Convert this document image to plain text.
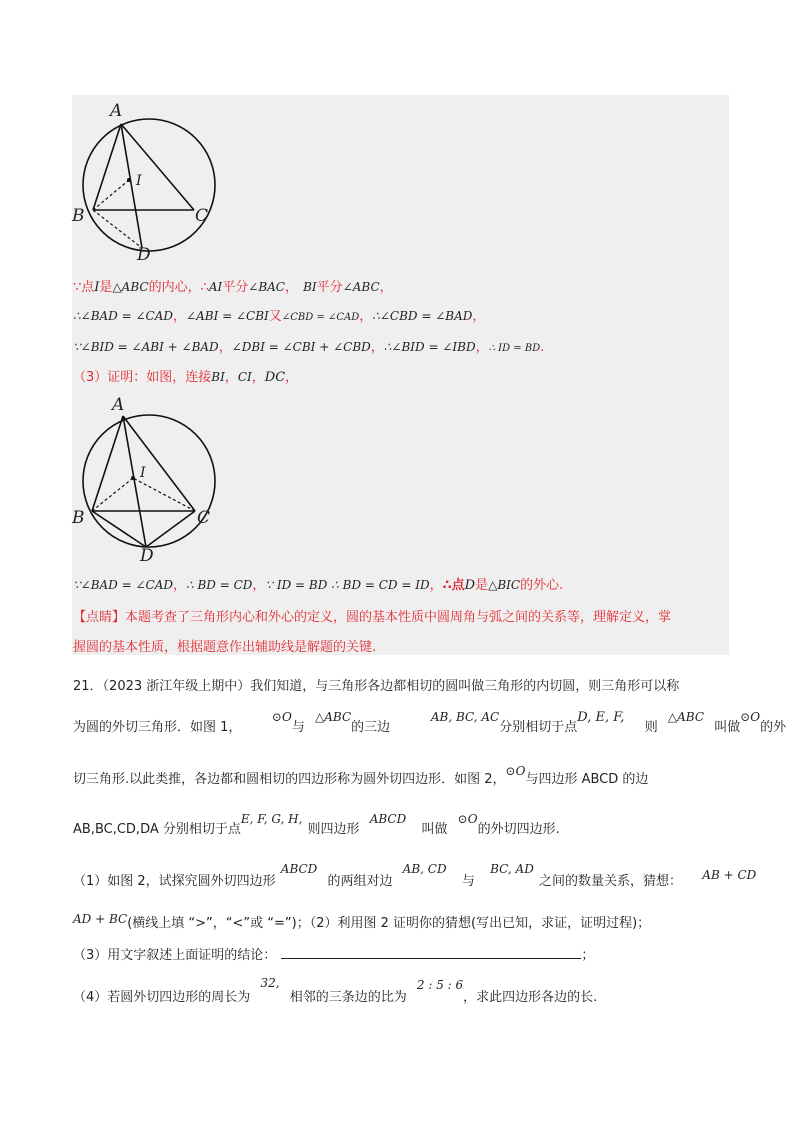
A
B	C
D
I
∵点I是△ABC的内心，∴AI平分∠BAC， BI平分∠ABC，
∴∠BAD = ∠CAD，∠ABI = ∠CBI又∠CBD = ∠CAD，∴∠CBD = ∠BAD，
∵∠BID = ∠ABI + ∠BAD，∠DBI = ∠CBI + ∠CBD，∴∠BID = ∠IBD，∴ ID = BD.
（3）证明：如图，连接BI，CI，DC，
A
B	C
D
I
∵∠BAD = ∠CAD，∴ BD = CD，∵ ID = BD ∴ BD = CD = ID，∴点D是△BIC的外心.
【点睛】本题考查了三角形内心和外心的定义，圆的基本性质中圆周角与弧之间的关系等，理解定义，掌
握圆的基本性质，根据题意作出辅助线是解题的关键.
21．（2023 浙江年级上期中）我们知道，与三角形各边都相切的圆叫做三角形的内切圆，则三角形可以称
为圆的外切三角形．如图 1，      $^{⊙O}$与  $^{\triangle ABC}$的三边        $^{AB, BC, AC}$分别相切于点$^{D, E, F,}$    则  $^{\triangle ABC}$  叫做$^{⊙O}$的外
切三角形.以此类推，各边都和圆相切的四边形称为圆外切四边形．如图 2，$^{⊙O}$与四边形 ABCD 的边
AB,BC,CD,DA 分别相切于点$^{E, F, G, H,}$ 则四边形  $^{ABCD}$   叫做  $^{⊙O}$的外切四边形.
（1）如图 2，试探究圆外切四边形 $^{ABCD}$  的两组对边  $^{AB, CD}$   与   $^{BC, AD}$ 之间的数量关系，猜想： $^{AB + CD}$
$^{AD + BC}$(横线上填 “>”，“<”或 “=”)；（2）利用图 2 证明你的猜想(写出已知，求证，证明过程)；
（3）用文字叙述上面证明的结论：	；
（4）若圆外切四边形的周长为  $^{32,}$  相邻的三条边的比为  $^{2 : 5 : 6}$，求此四边形各边的长.
